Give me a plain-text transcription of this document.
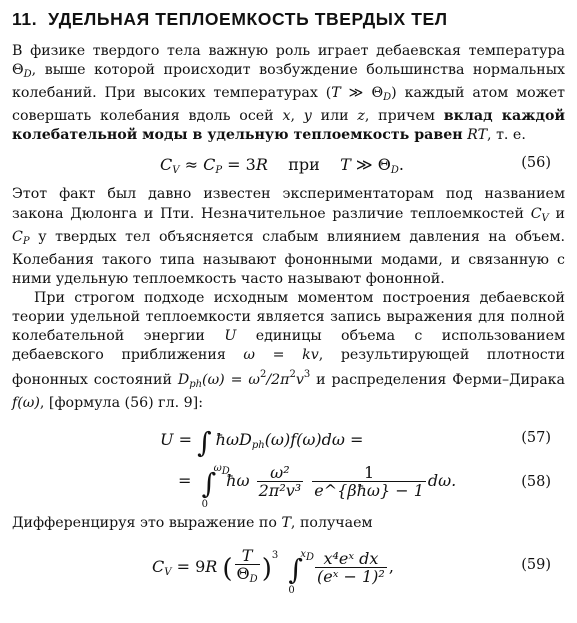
11. УДЕЛЬНАЯ ТЕПЛОЕМКОСТЬ ТВЕРДЫХ ТЕЛ

В физике твердого тела важную роль играет дебаевская температура $\Theta_D$, выше которой происходит возбуждение большинства нормальных колебаний. При высоких температурах (T ≫ $\Theta_D$) каждый атом может совершать колебания вдоль осей x, y или z, причем вклад каждой колебательной моды в удельную теплоемкость равен RT, т. е.

$C_V \approx C_P = 3R$ при T ≫ $\Theta_D$.	(56)

Этот факт был давно известен экспериментаторам под названием закона Дюлонга и Пти. Незначительное различие теплоемкостей $C_V$ и $C_P$ у твердых тел объясняется слабым влиянием давления на объем. Колебания такого типа называют фононными модами, и связанную с ними удельную теплоемкость часто называют фононной.

При строгом подходе исходным моментом построения дебаевской теории удельной теплоемкости является запись выражения для полной колебательной энергии U единицы объема с использованием дебаевского приближения ω = kv, результирующей плотности фононных состояний $D_{ph}(\omega) = \omega^2/2\pi^2v^3$ и распределения Ферми–Дирака f(ω), [формула (56) гл. 9]:

U = ∫ ħωD$_{ph}$(ω)f(ω)dω =	(57)
= ∫
$\omega_D$
0
ħω $\frac{\text{ω²}}{\text{2π²v³}}$
$\frac{1}{\text{e\textasciicircum{}\{βħω\} − 1}} d\omega$.	(58)

Дифференцируя это выражение по T, получаем

$C_V = 9R$ ( $\frac{T}{\Theta_D} )^3$ ∫
$x_D$
0
$\frac{\text{x⁴eˣ dx}}{\text{(eˣ − 1)²}}$ ,	(59)
